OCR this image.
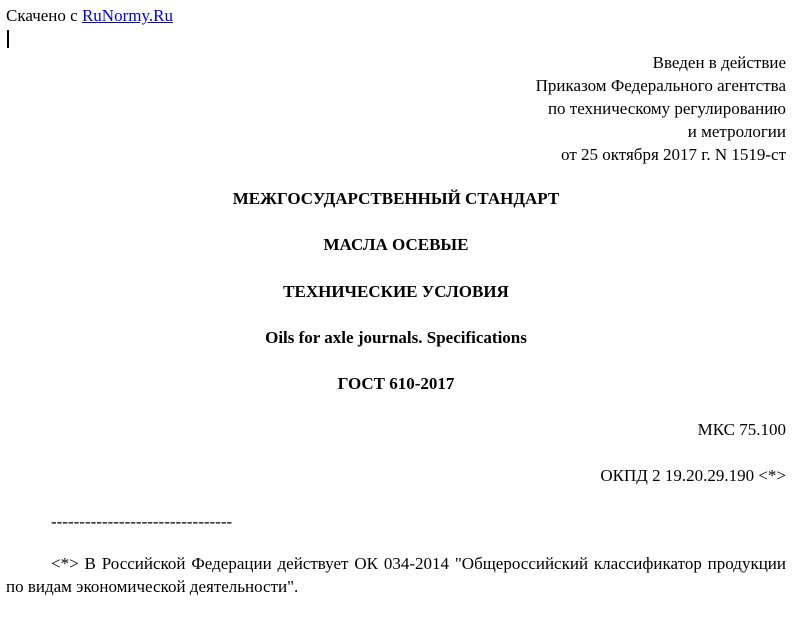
Скачено с RuNormy.Ru
Введен в действие
Приказом Федерального агентства
по техническому регулированию
и метрологии
от 25 октября 2017 г. N 1519-ст
МЕЖГОСУДАРСТВЕННЫЙ СТАНДАРТ
МАСЛА ОСЕВЫЕ
ТЕХНИЧЕСКИЕ УСЛОВИЯ
Oils for axle journals. Specifications
ГОСТ 610-2017
МКС 75.100
ОКПД 2 19.20.29.190 <*>
--------------------------------
<*> В Российской Федерации действует ОК 034-2014 "Общероссийский классификатор продукции по видам экономической деятельности".
